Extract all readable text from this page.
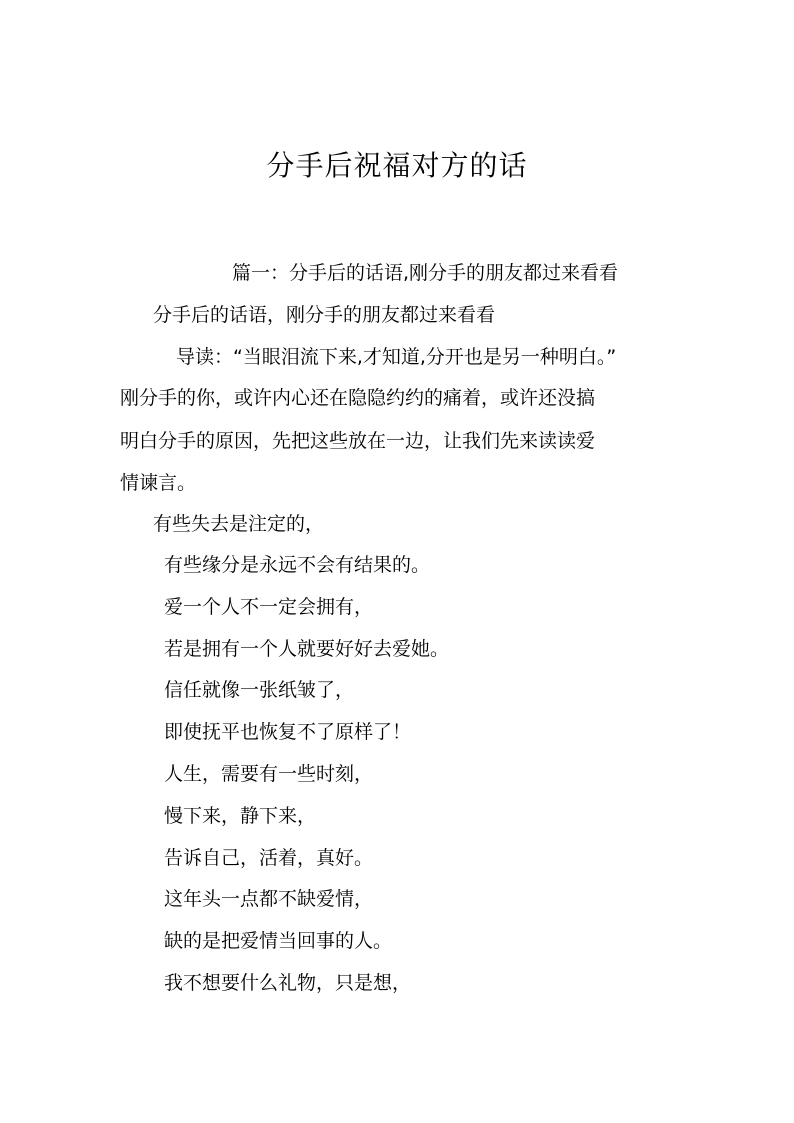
分手后祝福对方的话

篇一：分手后的话语,刚分手的朋友都过来看看

分手后的话语，刚分手的朋友都过来看看

导读：“当眼泪流下来,才知道,分开也是另一种明白。”

刚分手的你，或许内心还在隐隐约约的痛着，或许还没搞

明白分手的原因，先把这些放在一边，让我们先来读读爱

情谏言。

有些失去是注定的，

有些缘分是永远不会有结果的。

爱一个人不一定会拥有，

若是拥有一个人就要好好去爱她。

信任就像一张纸皱了，

即使抚平也恢复不了原样了！

人生，需要有一些时刻，

慢下来，静下来，

告诉自己，活着，真好。

这年头一点都不缺爱情，

缺的是把爱情当回事的人。

我不想要什么礼物，只是想，
